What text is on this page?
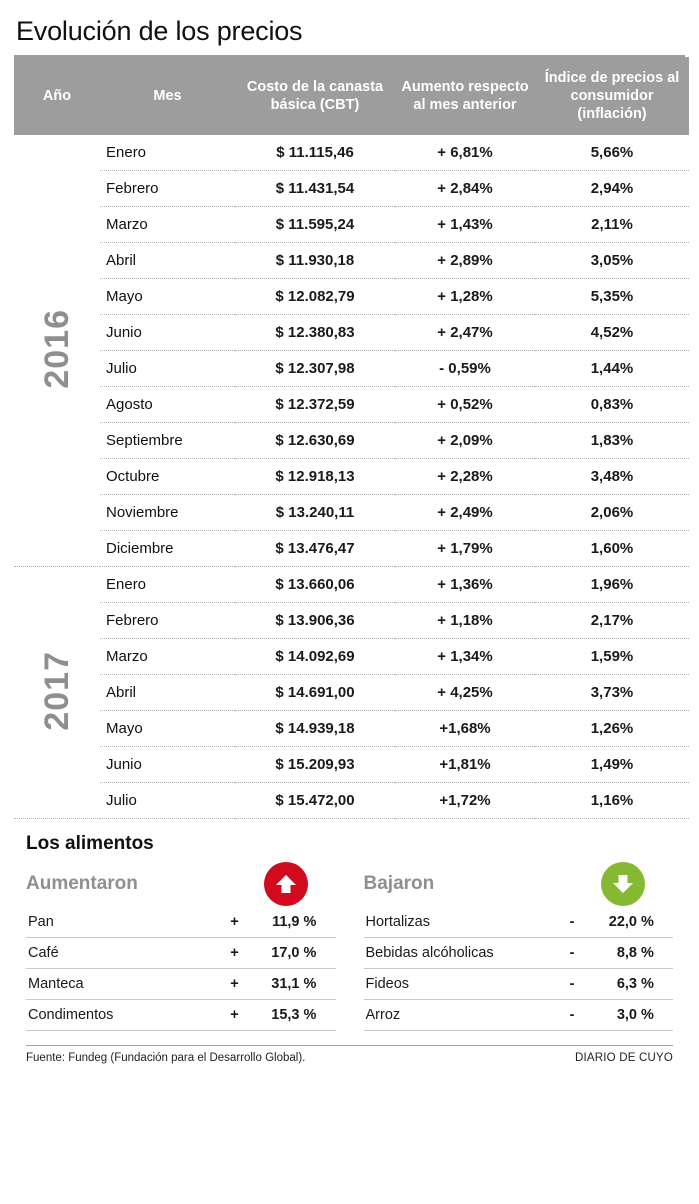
Evolución de los precios
Año	Mes	Costo de la canasta básica (CBT)	Aumento respecto al mes anterior	Índice de precios al consumidor (inflación)
2016	Enero	$ 11.115,46	+ 6,81%	5,66%
	Febrero	$ 11.431,54	+ 2,84%	2,94%
	Marzo	$ 11.595,24	+ 1,43%	2,11%
	Abril	$ 11.930,18	+ 2,89%	3,05%
	Mayo	$ 12.082,79	+ 1,28%	5,35%
	Junio	$ 12.380,83	+ 2,47%	4,52%
	Julio	$ 12.307,98	- 0,59%	1,44%
	Agosto	$ 12.372,59	+ 0,52%	0,83%
	Septiembre	$ 12.630,69	+ 2,09%	1,83%
	Octubre	$ 12.918,13	+ 2,28%	3,48%
	Noviembre	$ 13.240,11	+ 2,49%	2,06%
	Diciembre	$ 13.476,47	+ 1,79%	1,60%
2017	Enero	$ 13.660,06	+ 1,36%	1,96%
	Febrero	$ 13.906,36	+ 1,18%	2,17%
	Marzo	$ 14.092,69	+ 1,34%	1,59%
	Abril	$ 14.691,00	+ 4,25%	3,73%
	Mayo	$ 14.939,18	+1,68%	1,26%
	Junio	$ 15.209,93	+1,81%	1,49%
	Julio	$ 15.472,00	+1,72%	1,16%
Los alimentos
Aumentaron
Pan	+	11,9	%
Café	+	17,0	%
Manteca	+	31,1	%
Condimentos	+	15,3	%
Bajaron
Hortalizas	-	22,0	%
Bebidas alcóholicas	-	8,8	%
Fideos	-	6,3	%
Arroz	-	3,0	%
Fuente: Fundeg (Fundación para el Desarrollo Global).	DIARIO DE CUYO
